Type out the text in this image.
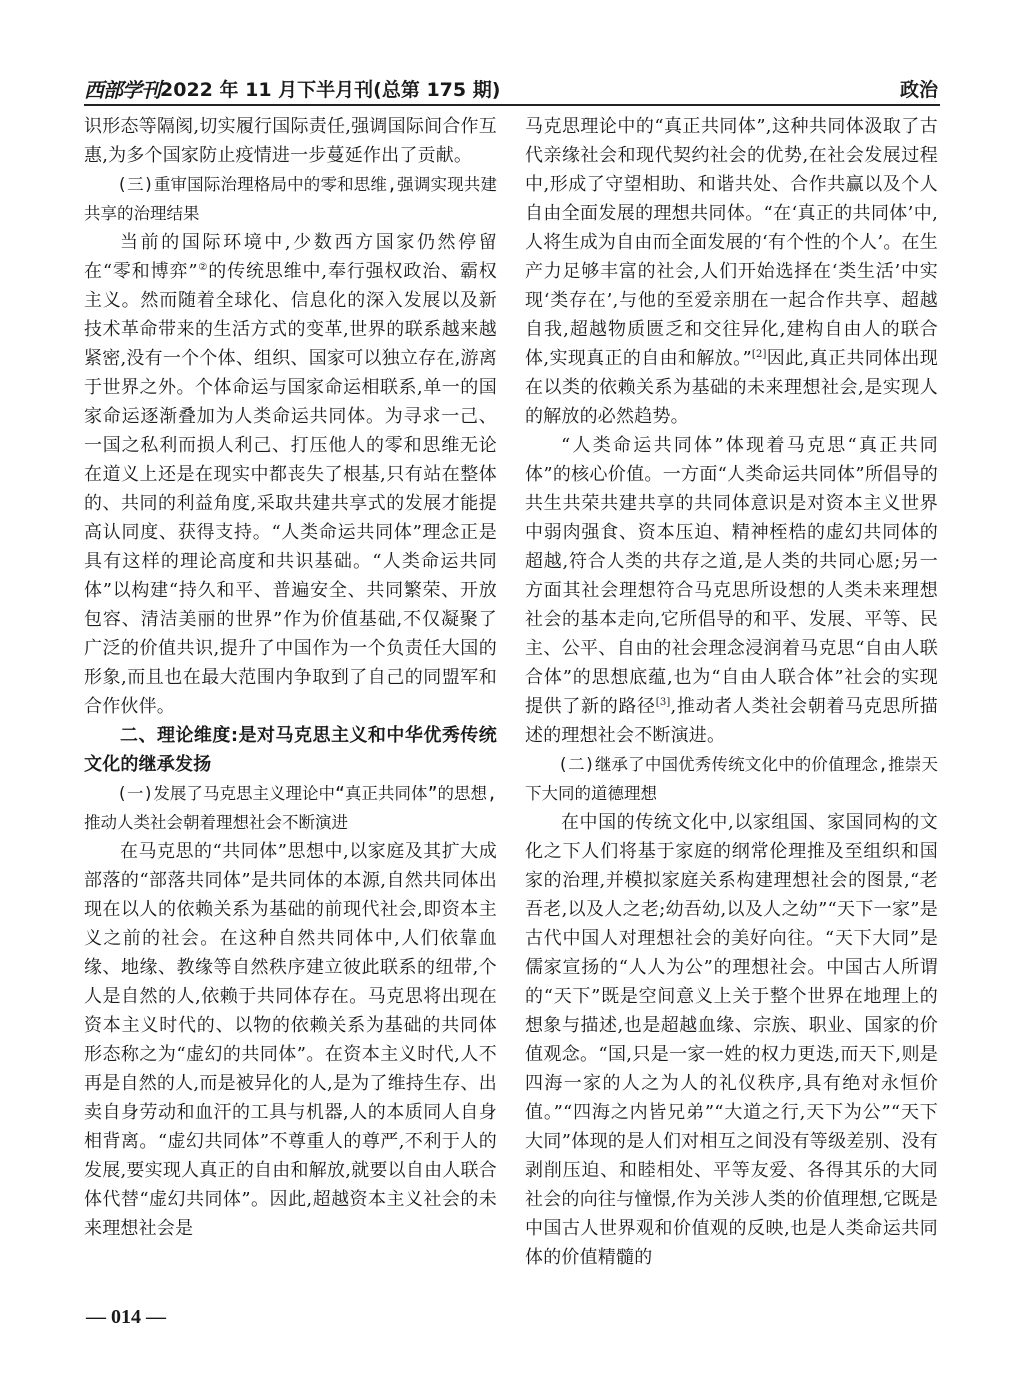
西部学刊 2022 年 11 月下半月刊(总第 175 期)	政治

识形态等隔阂,切实履行国际责任,强调国际间合作互惠,为多个国家防止疫情进一步蔓延作出了贡献。

(三)重审国际治理格局中的零和思维,强调实现共建共享的治理结果

当前的国际环境中,少数西方国家仍然停留在“零和博弈”②的传统思维中,奉行强权政治、霸权主义。然而随着全球化、信息化的深入发展以及新技术革命带来的生活方式的变革,世界的联系越来越紧密,没有一个个体、组织、国家可以独立存在,游离于世界之外。个体命运与国家命运相联系,单一的国家命运逐渐叠加为人类命运共同体。为寻求一己、一国之私利而损人利己、打压他人的零和思维无论在道义上还是在现实中都丧失了根基,只有站在整体的、共同的利益角度,采取共建共享式的发展才能提高认同度、获得支持。“人类命运共同体”理念正是具有这样的理论高度和共识基础。“人类命运共同体”以构建“持久和平、普遍安全、共同繁荣、开放包容、清洁美丽的世界”作为价值基础,不仅凝聚了广泛的价值共识,提升了中国作为一个负责任大国的形象,而且也在最大范围内争取到了自己的同盟军和合作伙伴。

二、理论维度:是对马克思主义和中华优秀传统文化的继承发扬

(一)发展了马克思主义理论中“真正共同体”的思想,推动人类社会朝着理想社会不断演进

在马克思的“共同体”思想中,以家庭及其扩大成部落的“部落共同体”是共同体的本源,自然共同体出现在以人的依赖关系为基础的前现代社会,即资本主义之前的社会。在这种自然共同体中,人们依靠血缘、地缘、教缘等自然秩序建立彼此联系的纽带,个人是自然的人,依赖于共同体存在。马克思将出现在资本主义时代的、以物的依赖关系为基础的共同体形态称之为“虚幻的共同体”。在资本主义时代,人不再是自然的人,而是被异化的人,是为了维持生存、出卖自身劳动和血汗的工具与机器,人的本质同人自身相背离。“虚幻共同体”不尊重人的尊严,不利于人的发展,要实现人真正的自由和解放,就要以自由人联合体代替“虚幻共同体”。因此,超越资本主义社会的未来理想社会是

马克思理论中的“真正共同体”,这种共同体汲取了古代亲缘社会和现代契约社会的优势,在社会发展过程中,形成了守望相助、和谐共处、合作共赢以及个人自由全面发展的理想共同体。“在‘真正的共同体’中,人将生成为自由而全面发展的‘有个性的个人’。在生产力足够丰富的社会,人们开始选择在‘类生活’中实现‘类存在’,与他的至爱亲朋在一起合作共享、超越自我,超越物质匮乏和交往异化,建构自由人的联合体,实现真正的自由和解放。”[2]因此,真正共同体出现在以类的依赖关系为基础的未来理想社会,是实现人的解放的必然趋势。

“人类命运共同体”体现着马克思“真正共同体”的核心价值。一方面“人类命运共同体”所倡导的共生共荣共建共享的共同体意识是对资本主义世界中弱肉强食、资本压迫、精神桎梏的虚幻共同体的超越,符合人类的共存之道,是人类的共同心愿;另一方面其社会理想符合马克思所设想的人类未来理想社会的基本走向,它所倡导的和平、发展、平等、民主、公平、自由的社会理念浸润着马克思“自由人联合体”的思想底蕴,也为“自由人联合体”社会的实现提供了新的路径[3],推动者人类社会朝着马克思所描述的理想社会不断演进。

(二)继承了中国优秀传统文化中的价值理念,推崇天下大同的道德理想

在中国的传统文化中,以家组国、家国同构的文化之下人们将基于家庭的纲常伦理推及至组织和国家的治理,并模拟家庭关系构建理想社会的图景,“老吾老,以及人之老;幼吾幼,以及人之幼”“天下一家”是古代中国人对理想社会的美好向往。“天下大同”是儒家宣扬的“人人为公”的理想社会。中国古人所谓的“天下”既是空间意义上关于整个世界在地理上的想象与描述,也是超越血缘、宗族、职业、国家的价值观念。“国,只是一家一姓的权力更迭,而天下,则是四海一家的人之为人的礼仪秩序,具有绝对永恒价值。”“四海之内皆兄弟”“大道之行,天下为公”“天下大同”体现的是人们对相互之间没有等级差别、没有剥削压迫、和睦相处、平等友爱、各得其乐的大同社会的向往与憧憬,作为关涉人类的价值理想,它既是中国古人世界观和价值观的反映,也是人类命运共同体的价值精髓的

— 014 —
